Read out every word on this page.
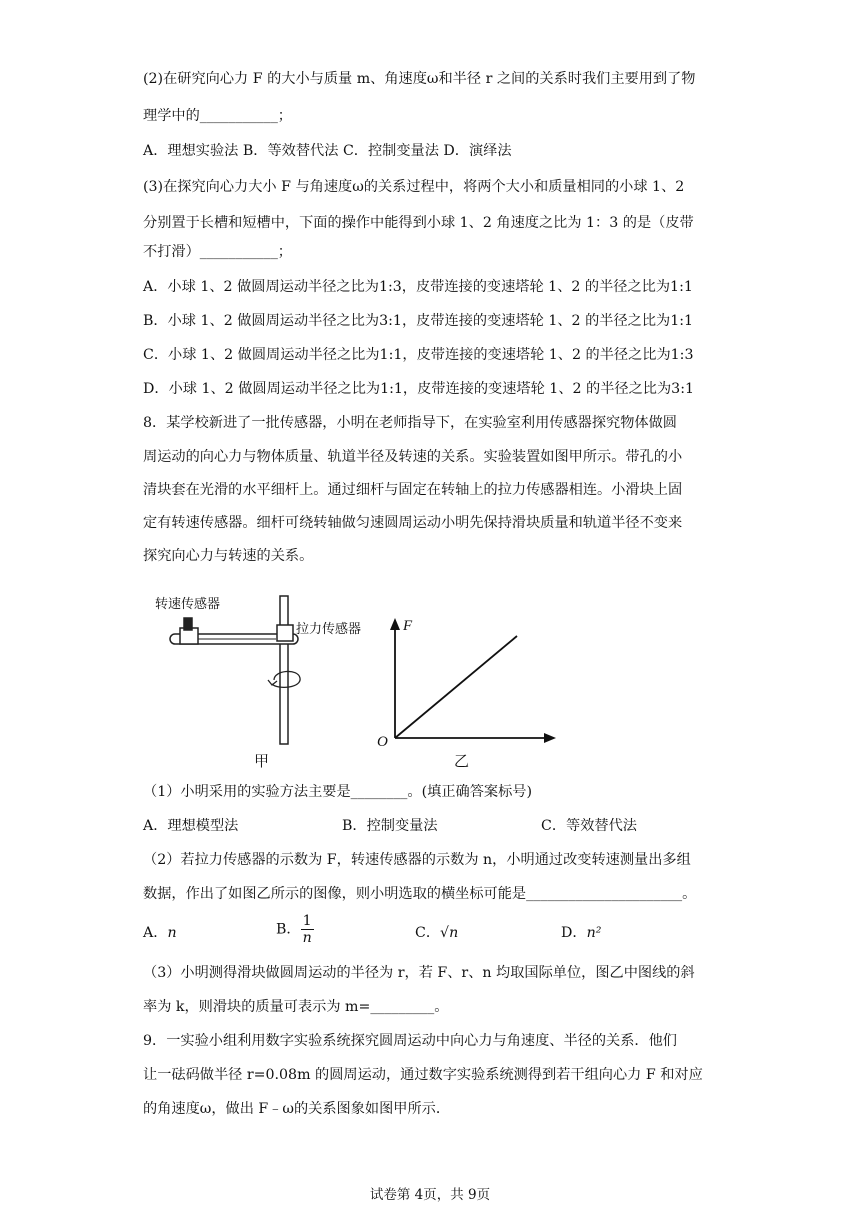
(2)在研究向心力 F 的大小与质量 m、角速度ω和半径 r 之间的关系时我们主要用到了物
理学中的___________；
A．理想实验法 B．等效替代法 C．控制变量法 D．演绎法
(3)在探究向心力大小 F 与角速度ω的关系过程中，将两个大小和质量相同的小球 1、2
分别置于长槽和短槽中，下面的操作中能得到小球 1、2 角速度之比为 1：3 的是（皮带
不打滑）___________；
A．小球 1、2 做圆周运动半径之比为1:3，皮带连接的变速塔轮 1、2 的半径之比为1:1
B．小球 1、2 做圆周运动半径之比为3:1，皮带连接的变速塔轮 1、2 的半径之比为1:1
C．小球 1、2 做圆周运动半径之比为1:1，皮带连接的变速塔轮 1、2 的半径之比为1:3
D．小球 1、2 做圆周运动半径之比为1:1，皮带连接的变速塔轮 1、2 的半径之比为3:1
8．某学校新进了一批传感器，小明在老师指导下，在实验室利用传感器探究物体做圆
周运动的向心力与物体质量、轨道半径及转速的关系。实验装置如图甲所示。带孔的小
清块套在光滑的水平细杆上。通过细杆与固定在转轴上的拉力传感器相连。小滑块上固
定有转速传感器。细杆可绕转轴做匀速圆周运动小明先保持滑块质量和轨道半径不变来
探究向心力与转速的关系。
转速传感器
拉力传感器
甲
F
O
乙
（1）小明采用的实验方法主要是________。(填正确答案标号)
A．理想模型法	B．控制变量法	C．等效替代法
（2）若拉力传感器的示数为 F，转速传感器的示数为 n，小明通过改变转速测量出多组
数据，作出了如图乙所示的图像，则小明选取的横坐标可能是______________________。
A．n	B． $\frac{1}{n}$	C．√n	D．n²
（3）小明测得滑块做圆周运动的半径为 r，若 F、r、n 均取国际单位，图乙中图线的斜
率为 k，则滑块的质量可表示为 m=_________。
9．一实验小组利用数字实验系统探究圆周运动中向心力与角速度、半径的关系．他们
让一砝码做半径 r=0.08m 的圆周运动，通过数字实验系统测得到若干组向心力 F 和对应
的角速度ω，做出 F﹣ω的关系图象如图甲所示．
试卷第 4页，共 9页
